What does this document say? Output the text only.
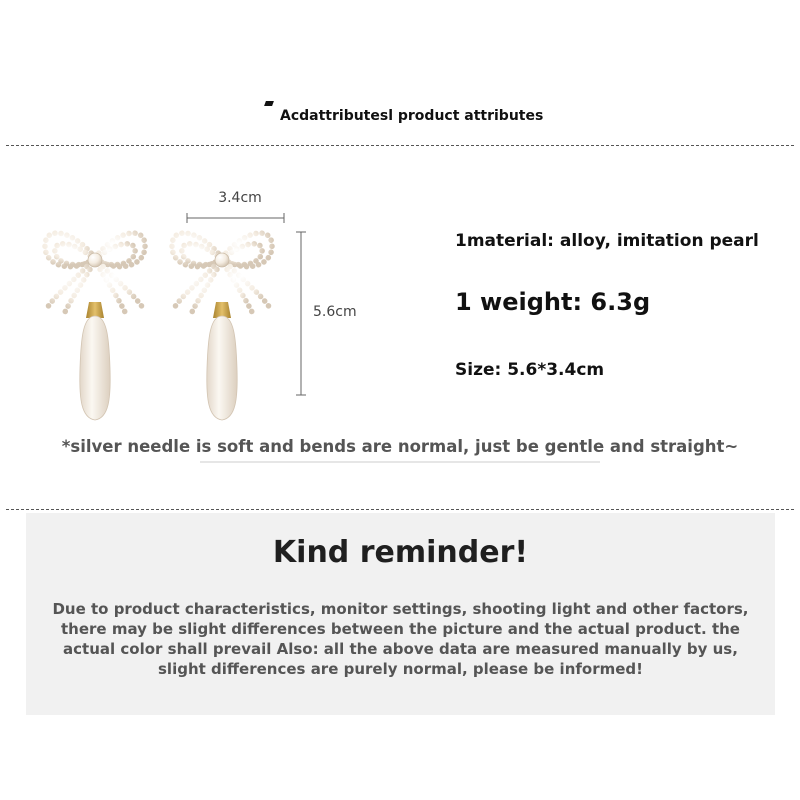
Acdattributesl product attributes
3.4cm
5.6cm
1material: alloy, imitation pearl
1 weight: 6.3g
Size: 5.6*3.4cm
*silver needle is soft and bends are normal, just be gentle and straight~
Kind reminder!
Due to product characteristics, monitor settings, shooting light and other factors,
there may be slight differences between the picture and the actual product. the
actual color shall prevail Also: all the above data are measured manually by us,
slight differences are purely normal, please be informed!
